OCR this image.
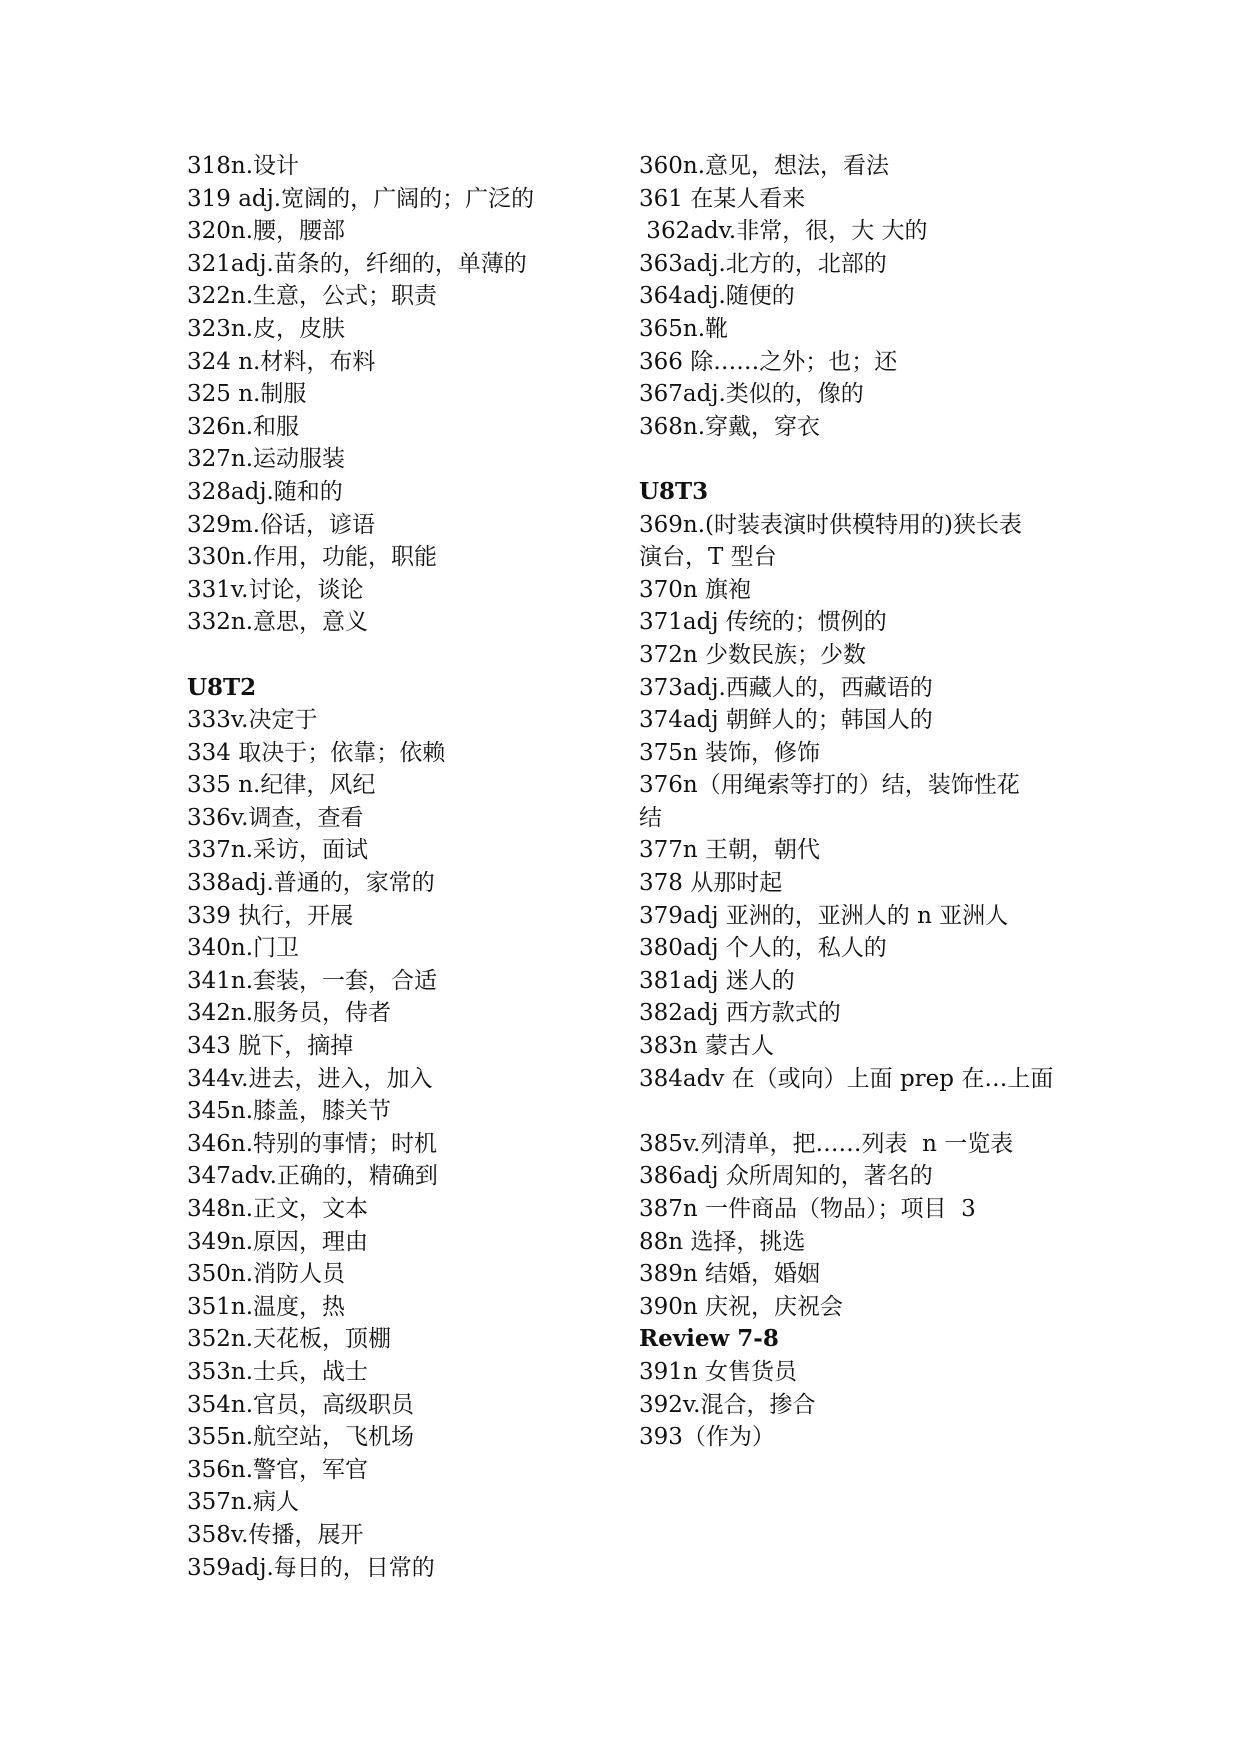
318n.设计
319 adj.宽阔的，广阔的；广泛的
320n.腰，腰部
321adj.苗条的，纤细的，单薄的
322n.生意，公式；职责
323n.皮，皮肤
324 n.材料，布料
325 n.制服
326n.和服
327n.运动服装
328adj.随和的
329m.俗话，谚语
330n.作用，功能，职能
331v.讨论，谈论
332n.意思，意义
U8T2
333v.决定于
334 取决于；依靠；依赖
335 n.纪律，风纪
336v.调查，查看
337n.采访，面试
338adj.普通的，家常的
339 执行，开展
340n.门卫
341n.套装，一套，合适
342n.服务员，侍者
343 脱下，摘掉
344v.进去，进入，加入
345n.膝盖，膝关节
346n.特别的事情；时机
347adv.正确的，精确到
348n.正文，文本
349n.原因，理由
350n.消防人员
351n.温度，热
352n.天花板，顶棚
353n.士兵，战士
354n.官员，高级职员
355n.航空站，飞机场
356n.警官，军官
357n.病人
358v.传播，展开
359adj.每日的，日常的
360n.意见，想法，看法
361 在某人看来
362adv.非常，很，大 大的
363adj.北方的，北部的
364adj.随便的
365n.靴
366 除……之外；也；还
367adj.类似的，像的
368n.穿戴，穿衣
U8T3
369n.(时装表演时供模特用的)狭长表
演台，T 型台
370n 旗袍
371adj 传统的；惯例的
372n 少数民族；少数
373adj.西藏人的，西藏语的
374adj 朝鲜人的；韩国人的
375n 装饰，修饰
376n（用绳索等打的）结，装饰性花
结
377n 王朝，朝代
378 从那时起
379adj 亚洲的，亚洲人的 n 亚洲人
380adj 个人的，私人的
381adj 迷人的
382adj 西方款式的
383n 蒙古人
384adv 在（或向）上面 prep 在…上面
385v.列清单，把……列表  n 一览表
386adj 众所周知的，著名的
387n 一件商品（物品）；项目  3
88n 选择，挑选
389n 结婚，婚姻
390n 庆祝，庆祝会
Review 7-8
391n 女售货员
392v.混合，掺合
393（作为）
